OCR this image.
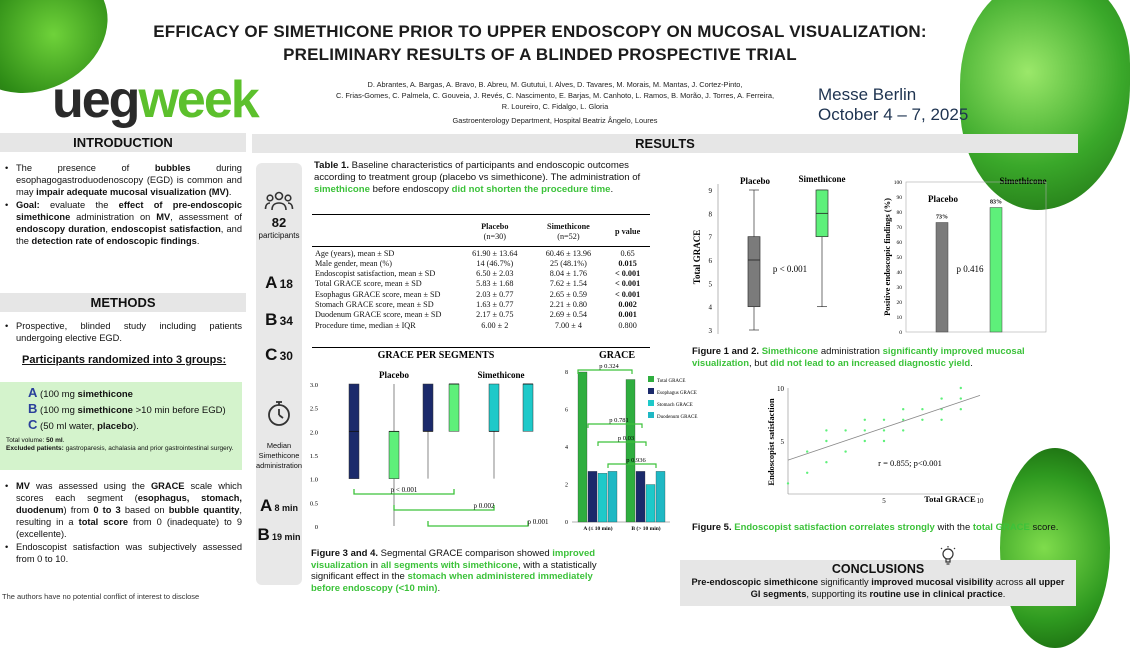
EFFICACY OF SIMETHICONE PRIOR TO UPPER ENDOSCOPY ON MUCOSAL VISUALIZATION:
PRELIMINARY RESULTS OF A BLINDED PROSPECTIVE TRIAL
uegweek	D. Abrantes, A. Bargas, A. Bravo, B. Abreu, M. Gututui, I. Alves, D. Tavares, M. Morais, M. Mantas, J. Cortez-Pinto,
C. Frias-Gomes, C. Palmela, C. Gouveia, J. Revés, C. Nascimento, E. Barjas, M. Canhoto, L. Ramos, B. Morão, J. Torres, A. Ferreira,
R. Loureiro, C. Fidalgo, L. Gloria
Gastroenterology Department, Hospital Beatriz Ângelo, Loures
Messe Berlin
October 4 – 7, 2025
INTRODUCTION
• The presence of bubbles during esophagogastroduodenoscopy (EGD) is common and may impair adequate mucosal visualization (MV).
• Goal: evaluate the effect of pre-endoscopic simethicone administration on MV, assessment of endoscopy duration, endoscopist satisfaction, and the detection rate of endoscopic findings.
METHODS
• Prospective, blinded study including patients undergoing elective EGD.
Participants randomized into 3 groups:
A (100 mg simethicone
B (100 mg simethicone >10 min before EGD)
C (50 ml water, placebo).
Total volume: 50 ml.
Excluded patients: gastroparesis, achalasia and prior gastrointestinal surgery.
• MV was assessed using the GRACE scale which scores each segment (esophagus, stomach, duodenum) from 0 to 3 based on bubble quantity, resulting in a total score from 0 (inadequate) to 9 (excellente).
• Endoscopist satisfaction was subjectively assessed from 0 to 10.
The authors have no potential conflict of interest to disclose
RESULTS
82
participants
A 18
B 34
C 30
Median Simethicone administration
A 8 min
B 19 min
Table 1. Baseline characteristics of participants and endoscopic outcomes according to treatment group (placebo vs simethicone). The administration of simethicone before endoscopy did not shorten the procedure time.
	Placebo
(n=30)	Simethicone
(n=52)	p value

Age (years), mean ± SD	61.90 ± 13.64	60.46 ± 13.96	0.65
Male gender, mean (%)	14 (46.7%)	25 (48.1%)	0.015
Endoscopist satisfaction, mean ± SD	6.50 ± 2.03	8.04 ± 1.76	< 0.001
Total GRACE score, mean ± SD	5.83 ± 1.68	7.62 ± 1.54	< 0.001
Esophagus GRACE score, mean ± SD	2.03 ± 0.77	2.65 ± 0.59	< 0.001
Stomach GRACE score, mean ± SD	1.63 ± 0.77	2.21 ± 0.80	0.002
Duodenum GRACE score, mean ± SD	2.17 ± 0.75	2.69 ± 0.54	0.001
Procedure time, median ± IQR	6.00 ± 2	7.00 ± 4	0.800
Total GRACE
Placebo	Simethicone
p < 0.001
3
4
5
6
7
8
9
Positive endoscopic findings (%)	Placebo
Simethicone
p 0.416
0
10
20
30
40
50
60
70
80
90
100
73%
83%
Figure 1 and 2. Simethicone administration significantly improved mucosal visualization, but did not lead to an increased diagnostic yield.
GRACE PER SEGMENTS
Placebo	Simethicone
0
0.5
1.0
1.5
2.0
2.5
3.0
p < 0.001
p 0.002
p 0.001
GRACE
0
2
4
6
8
A (≤ 10 min)	B (> 10 min)
Total GRACE
Esophagus GRACE
Stomach GRACE
Duodenum GRACE
p 0.324
p 0.781
p 0.03
p 0.936
Figure 3 and 4. Segmental GRACE comparison showed improved visualization in all segments with simethicone, with a statistically significant effect in the stomach when administered immediately before endoscopy (<10 min).
Endoscopist satisfaction
Total GRACE
r = 0.855; p<0.001
5	10
5
10
Figure 5. Endoscopist satisfaction correlates strongly with the total GRACE score.
CONCLUSIONS
Pre-endoscopic simethicone significantly improved mucosal visibility across all upper GI segments, supporting its routine use in clinical practice.
